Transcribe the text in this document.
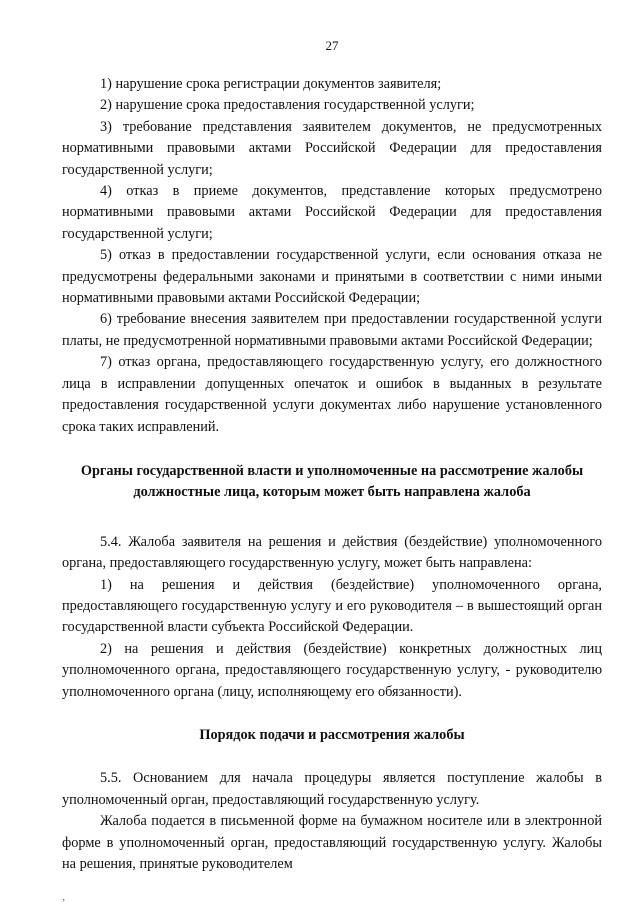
27

1) нарушение срока регистрации документов заявителя;

2) нарушение срока предоставления государственной услуги;

3) требование представления заявителем документов, не предусмотренных нормативными правовыми актами Российской Федерации для предоставления государственной услуги;

4) отказ в приеме документов, представление которых предусмотрено нормативными правовыми актами Российской Федерации для предоставления государственной услуги;

5) отказ в предоставлении государственной услуги, если основания отказа не предусмотрены федеральными законами и принятыми в соответствии с ними иными нормативными правовыми актами Российской Федерации;

6) требование внесения заявителем при предоставлении государственной услуги платы, не предусмотренной нормативными правовыми актами Российской Федерации;

7) отказ органа, предоставляющего государственную услугу, его должностного лица в исправлении допущенных опечаток и ошибок в выданных в результате предоставления государственной услуги документах либо нарушение установленного срока таких исправлений.

Органы государственной власти и уполномоченные на рассмотрение жалобы должностные лица, которым может быть направлена жалоба

5.4. Жалоба заявителя на решения и действия (бездействие) уполномоченного органа, предоставляющего государственную услугу, может быть направлена:

1) на решения и действия (бездействие) уполномоченного органа, предоставляющего государственную услугу и его руководителя – в вышестоящий орган государственной власти субъекта Российской Федерации.

2) на решения и действия (бездействие) конкретных должностных лиц уполномоченного органа, предоставляющего государственную услугу, - руководителю уполномоченного органа (лицу, исполняющему его обязанности).

Порядок подачи и рассмотрения жалобы

5.5. Основанием для начала процедуры является поступление жалобы в уполномоченный орган, предоставляющий государственную услугу.

Жалоба подается в письменной форме на бумажном носителе или в электронной форме в уполномоченный орган, предоставляющий государственную услугу. Жалобы на решения, принятые руководителем

‚
